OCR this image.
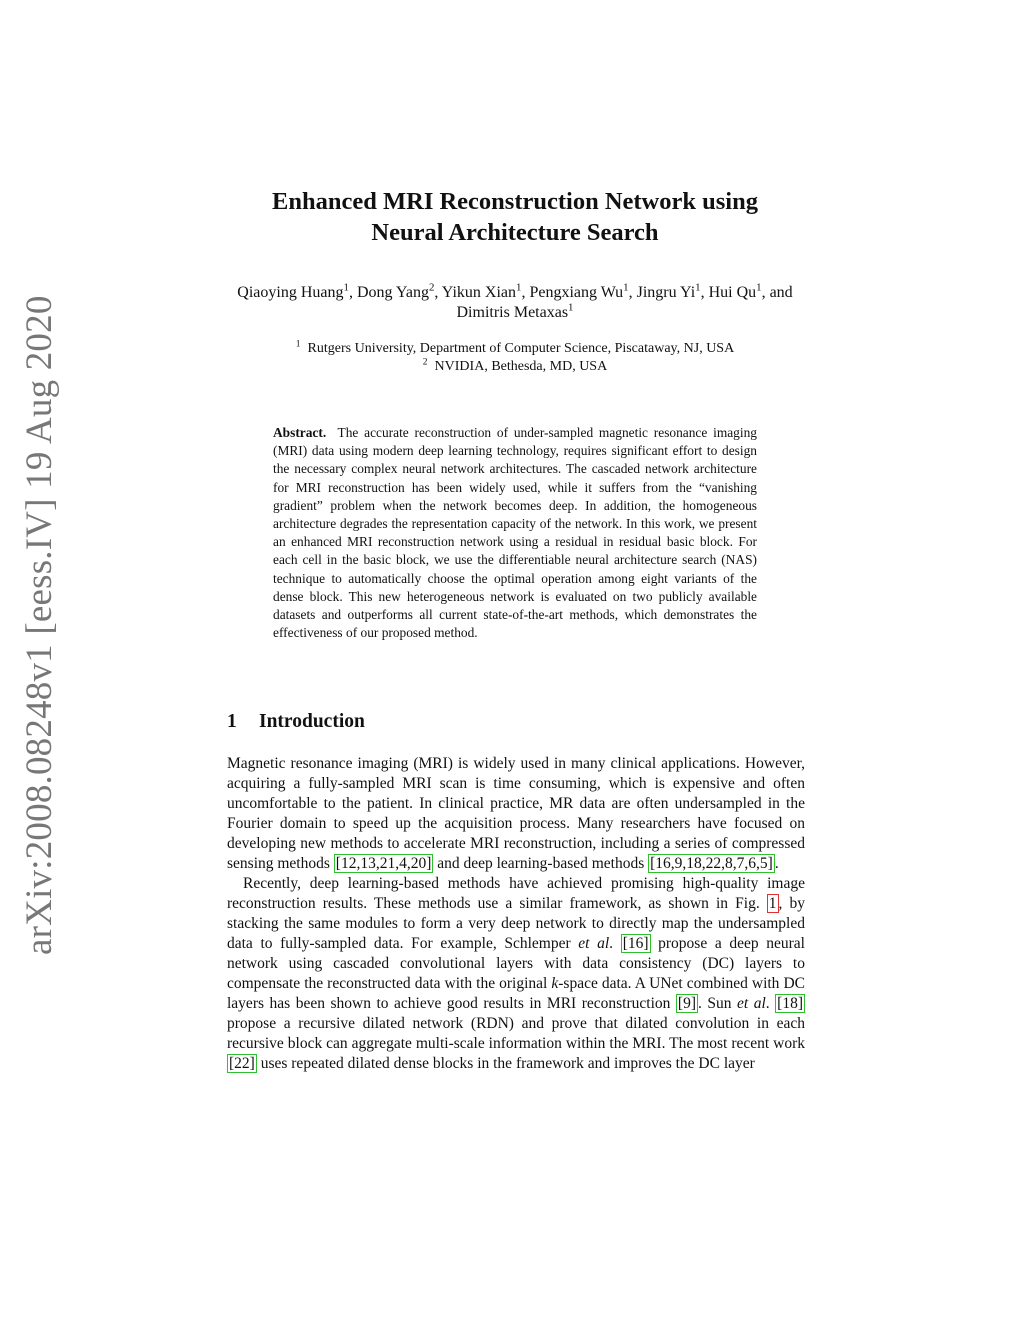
arXiv:2008.08248v1 [eess.IV] 19 Aug 2020
Enhanced MRI Reconstruction Network using
Neural Architecture Search
Qiaoying Huang$^1$, Dong Yang$^2$, Yikun Xian$^1$, Pengxiang Wu$^1$, Jingru Yi$^1$, Hui Qu$^1$, and Dimitris Metaxas$^1$
$^1$ Rutgers University, Department of Computer Science, Piscataway, NJ, USA
$^2$ NVIDIA, Bethesda, MD, USA
Abstract. The accurate reconstruction of under-sampled magnetic resonance imaging (MRI) data using modern deep learning technology, requires significant effort to design the necessary complex neural network architectures. The cascaded network architecture for MRI reconstruction has been widely used, while it suffers from the “vanishing gradient” problem when the network becomes deep. In addition, the homogeneous architecture degrades the representation capacity of the network. In this work, we present an enhanced MRI reconstruction network using a residual in residual basic block. For each cell in the basic block, we use the differentiable neural architecture search (NAS) technique to automatically choose the optimal operation among eight variants of the dense block. This new heterogeneous network is evaluated on two publicly available datasets and outperforms all current state-of-the-art methods, which demonstrates the effectiveness of our proposed method.
1 Introduction

Magnetic resonance imaging (MRI) is widely used in many clinical applications. However, acquiring a fully-sampled MRI scan is time consuming, which is expensive and often uncomfortable to the patient. In clinical practice, MR data are often undersampled in the Fourier domain to speed up the acquisition process. Many researchers have focused on developing new methods to accelerate MRI reconstruction, including a series of compressed sensing methods [12,13,21,4,20] and deep learning-based methods [16,9,18,22,8,7,6,5] .

Recently, deep learning-based methods have achieved promising high-quality image reconstruction results. These methods use a similar framework, as shown in Fig. 1 , by stacking the same modules to form a very deep network to directly map the undersampled data to fully-sampled data. For example, Schlemper et al. [16] propose a deep neural network using cascaded convolutional layers with data consistency (DC) layers to compensate the reconstructed data with the original k-space data. A UNet combined with DC layers has been shown to achieve good results in MRI reconstruction [9] . Sun et al. [18] propose a recursive dilated network (RDN) and prove that dilated convolution in each recursive block can aggregate multi-scale information within the MRI. The most recent work [22] uses repeated dilated dense blocks in the framework and improves the DC layer
